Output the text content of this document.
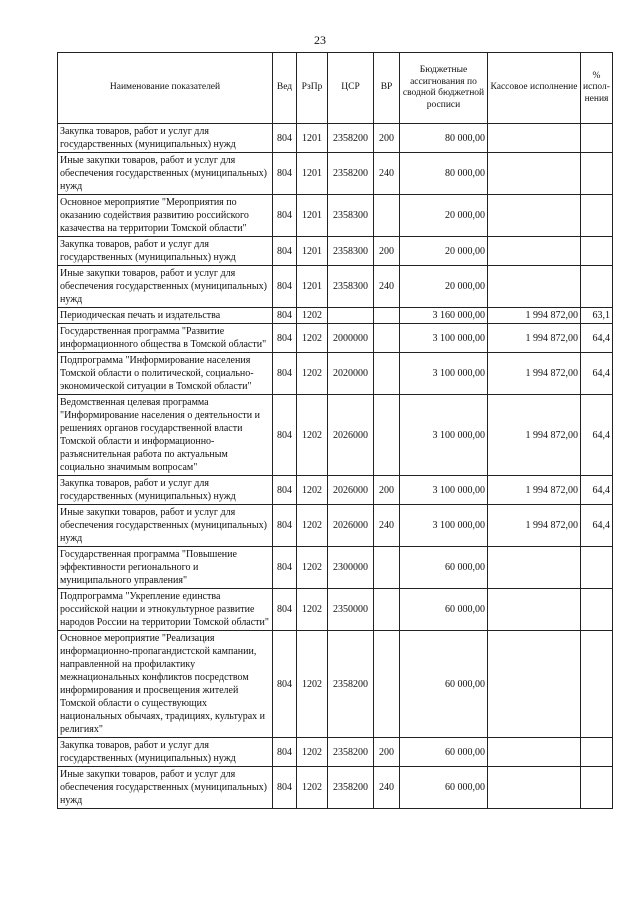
23
Наименование показателей	Вед	РзПр	ЦСР	ВР	Бюджетные ассигнования по сводной бюджетной росписи	Кассовое исполнение	% испол-нения
Закупка товаров, работ и услуг для государственных (муниципальных) нужд	804	1201	2358200	200	80 000,00		
Иные закупки товаров, работ и услуг для обеспечения государственных (муниципальных) нужд	804	1201	2358200	240	80 000,00		
Основное мероприятие "Мероприятия по оказанию содействия развитию российского казачества на территории Томской области"	804	1201	2358300		20 000,00		
Закупка товаров, работ и услуг для государственных (муниципальных) нужд	804	1201	2358300	200	20 000,00		
Иные закупки товаров, работ и услуг для обеспечения государственных (муниципальных) нужд	804	1201	2358300	240	20 000,00		
Периодическая печать и издательства	804	1202			3 160 000,00	1 994 872,00	63,1
Государственная программа "Развитие информационного общества в Томской области"	804	1202	2000000		3 100 000,00	1 994 872,00	64,4
Подпрограмма "Информирование населения Томской области о политической, социально-экономической ситуации в Томской области"	804	1202	2020000		3 100 000,00	1 994 872,00	64,4
Ведомственная целевая программа "Информирование населения о деятельности и решениях органов государственной власти Томской области и информационно-разъяснительная работа по актуальным социально значимым вопросам"	804	1202	2026000		3 100 000,00	1 994 872,00	64,4
Закупка товаров, работ и услуг для государственных (муниципальных) нужд	804	1202	2026000	200	3 100 000,00	1 994 872,00	64,4
Иные закупки товаров, работ и услуг для обеспечения государственных (муниципальных) нужд	804	1202	2026000	240	3 100 000,00	1 994 872,00	64,4
Государственная программа "Повышение эффективности регионального и муниципального управления"	804	1202	2300000		60 000,00		
Подпрограмма "Укрепление единства российской нации и этнокультурное развитие народов России на территории Томской области"	804	1202	2350000		60 000,00		
Основное мероприятие "Реализация информационно-пропагандистской кампании, направленной на профилактику межнациональных конфликтов посредством информирования и просвещения жителей Томской области о существующих национальных обычаях, традициях, культурах и религиях"	804	1202	2358200		60 000,00		
Закупка товаров, работ и услуг для государственных (муниципальных) нужд	804	1202	2358200	200	60 000,00		
Иные закупки товаров, работ и услуг для обеспечения государственных (муниципальных) нужд	804	1202	2358200	240	60 000,00		
